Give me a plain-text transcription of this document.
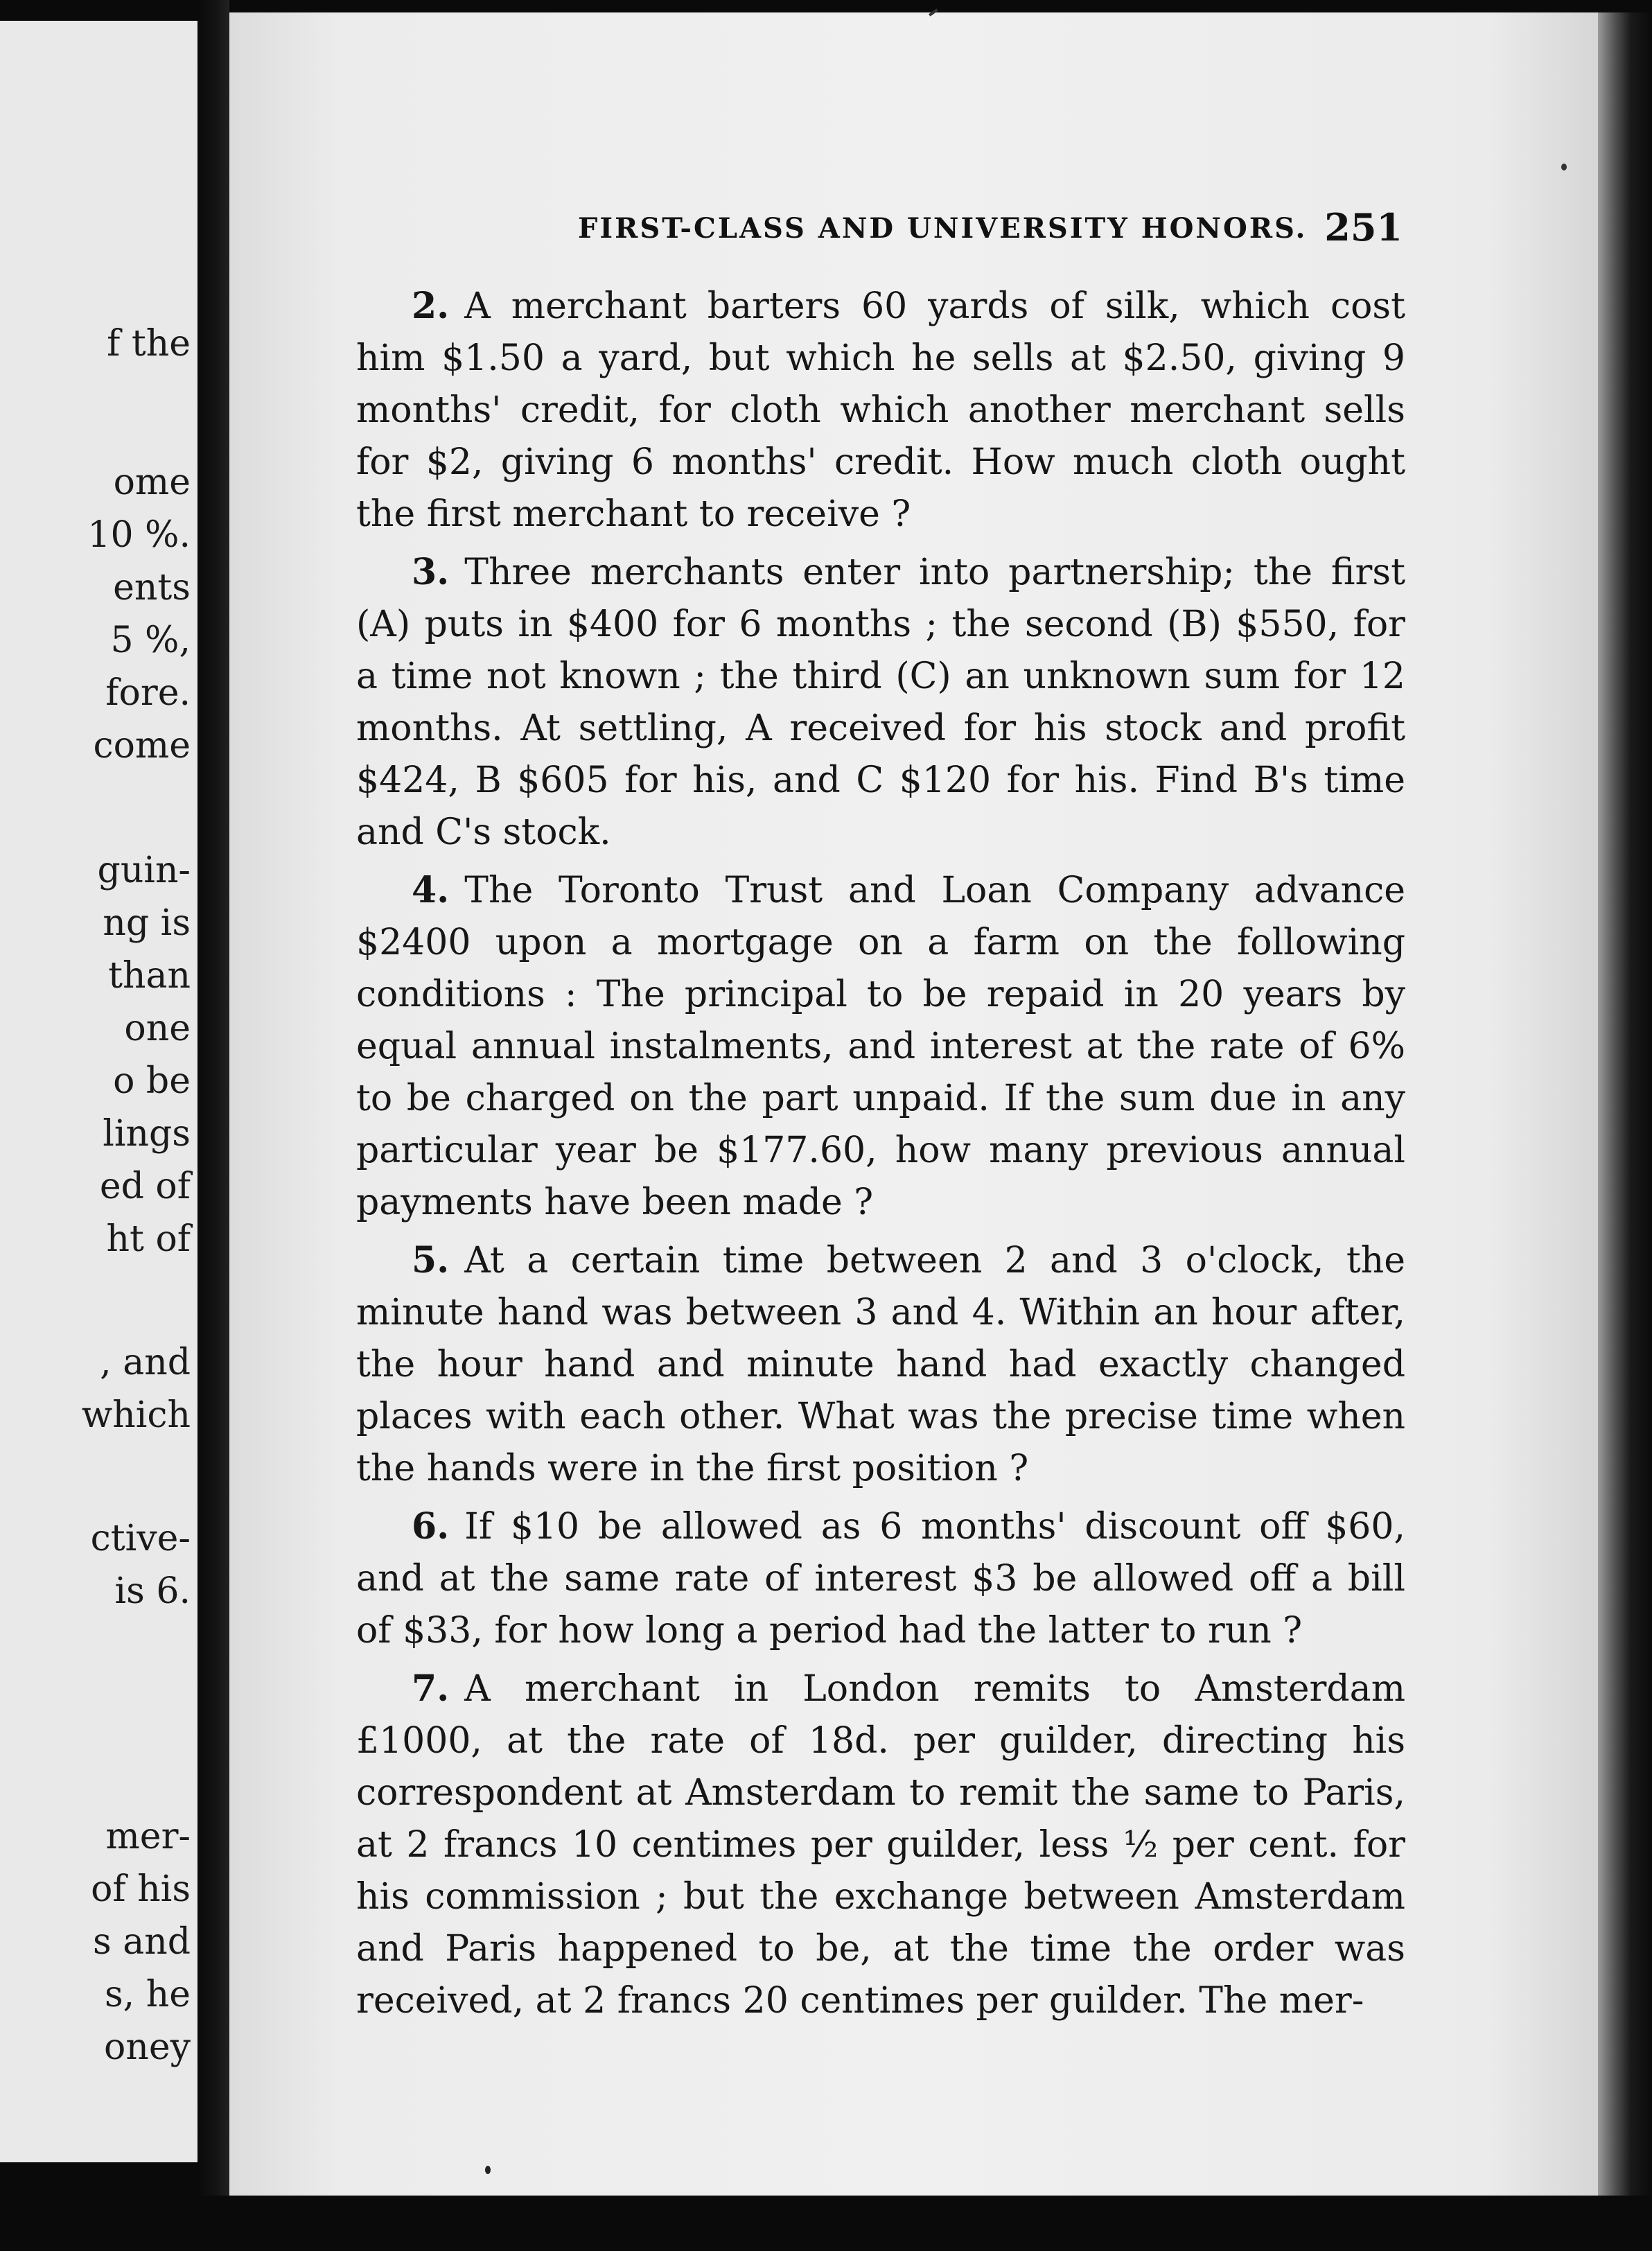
f the
ome
10 %.
ents
5 %,
fore.
come
guin-
ng is
than
one
o be
lings
ed of
ht of
, and
which
ctive-
is 6.
mer-
of his
s and
s, he
oney
FIRST-CLASS AND UNIVERSITY HONORS. 251

2. A merchant barters 60 yards of silk, which cost him $1.50 a yard, but which he sells at $2.50, giving 9 months' credit, for cloth which another merchant sells for $2, giving 6 months' credit. How much cloth ought the first merchant to receive ?

3. Three merchants enter into partnership; the first (A) puts in $400 for 6 months ; the second (B) $550, for a time not known ; the third (C) an unknown sum for 12 months. At settling, A received for his stock and profit $424, B $605 for his, and C $120 for his. Find B's time and C's stock.

4. The Toronto Trust and Loan Company advance $2400 upon a mortgage on a farm on the following conditions : The principal to be repaid in 20 years by equal annual instalments, and interest at the rate of 6% to be charged on the part unpaid. If the sum due in any particular year be $177.60, how many previous annual payments have been made ?

5. At a certain time between 2 and 3 o'clock, the minute hand was between 3 and 4. Within an hour after, the hour hand and minute hand had exactly changed places with each other. What was the precise time when the hands were in the first position ?

6. If $10 be allowed as 6 months' discount off $60, and at the same rate of interest $3 be allowed off a bill of $33, for how long a period had the latter to run ?

7. A merchant in London remits to Amsterdam £1000, at the rate of 18d. per guilder, directing his correspondent at Amsterdam to remit the same to Paris, at 2 francs 10 centimes per guilder, less ½ per cent. for his commission ; but the exchange between Amsterdam and Paris happened to be, at the time the order was received, at 2 francs 20 centimes per guilder. The mer-
